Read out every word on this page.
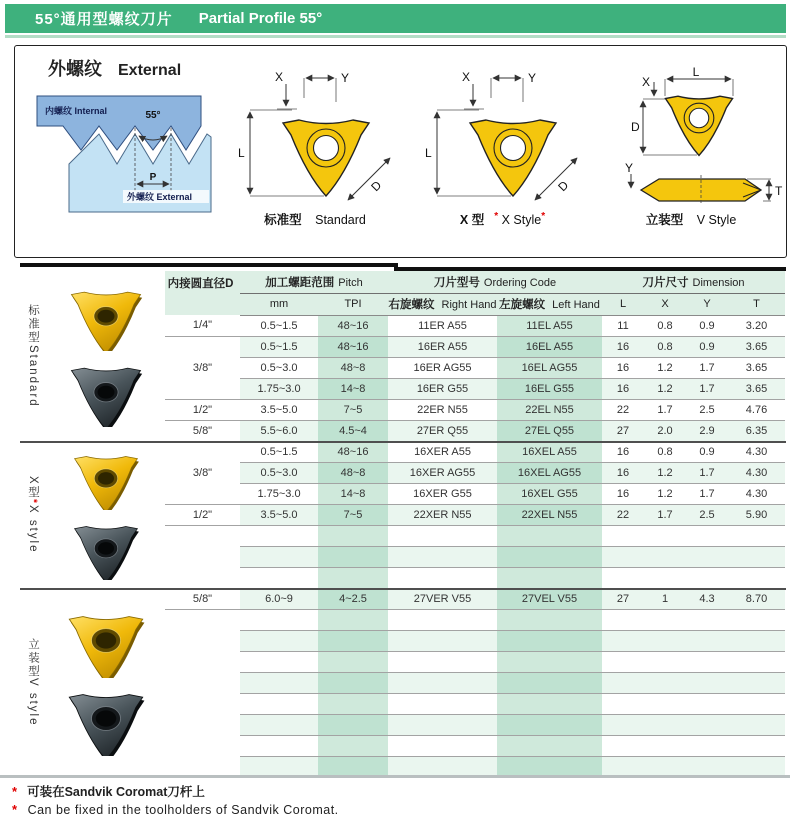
55°通用型螺纹刀片 Partial Profile 55°
外螺纹 External
55°
P
内螺纹 Internal
外螺纹 External
L
X	Y
D
L
X	Y
D
L
X
D
Y
T
标准型 Standard	X 型 * X Style*	立装型 V Style
标准型
Standard
X型
*
X style
立装型
V style
内接圆直径D	加工螺距范围 Pitch		刀片型号 Ordering Code		刀片尺寸 Dimension			
	mm	TPI	右旋螺纹 Right Hand	左旋螺纹 Left Hand	L	X	Y	T
1/4"	0.5~1.5	48~16	11ER A55	11EL A55	11	0.8	0.9	3.20
3/8"	0.5~1.5	48~16	16ER A55	16EL A55	16	0.8	0.9	3.65
	0.5~3.0	48~8	16ER AG55	16EL AG55	16	1.2	1.7	3.65
	1.75~3.0	14~8	16ER G55	16EL G55	16	1.2	1.7	3.65
1/2"	3.5~5.0	7~5	22ER N55	22EL N55	22	1.7	2.5	4.76
5/8"	5.5~6.0	4.5~4	27ER Q55	27EL Q55	27	2.0	2.9	6.35
3/8"	0.5~1.5	48~16	16XER A55	16XEL A55	16	0.8	0.9	4.30
	0.5~3.0	48~8	16XER AG55	16XEL AG55	16	1.2	1.7	4.30
	1.75~3.0	14~8	16XER G55	16XEL G55	16	1.2	1.7	4.30
1/2"	3.5~5.0	7~5	22XER N55	22XEL N55	22	1.7	2.5	5.90

5/8"	6.0~9	4~2.5	27VER V55	27VEL V55	27	1	4.3	8.70

* 可装在Sandvik Coromat刀杆上
* Can be fixed in the toolholders of Sandvik Coromat.
